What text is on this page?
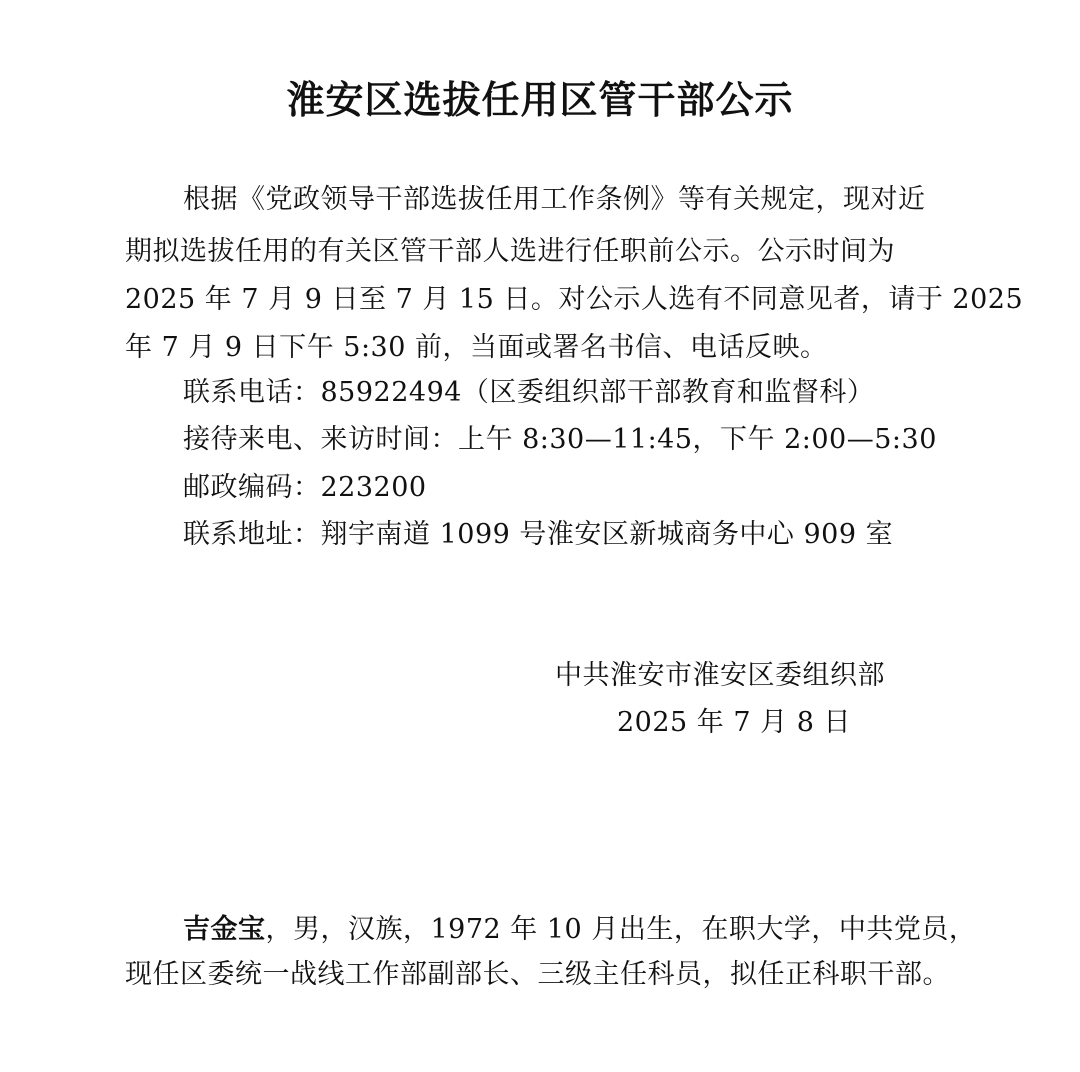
淮安区选拔任用区管干部公示
根据《党政领导干部选拔任用工作条例》等有关规定，现对近
期拟选拔任用的有关区管干部人选进行任职前公示。公示时间为
2025 年 7 月 9 日至 7 月 15 日。对公示人选有不同意见者，请于 2025
年 7 月 9 日下午 5:30 前，当面或署名书信、电话反映。
联系电话：85922494（区委组织部干部教育和监督科）
接待来电、来访时间：上午 8:30—11:45，下午 2:00—5:30
邮政编码：223200
联系地址：翔宇南道 1099 号淮安区新城商务中心 909 室
中共淮安市淮安区委组织部
2025 年 7 月 8 日
吉金宝，男，汉族，1972 年 10 月出生，在职大学，中共党员，
现任区委统一战线工作部副部长、三级主任科员，拟任正科职干部。
